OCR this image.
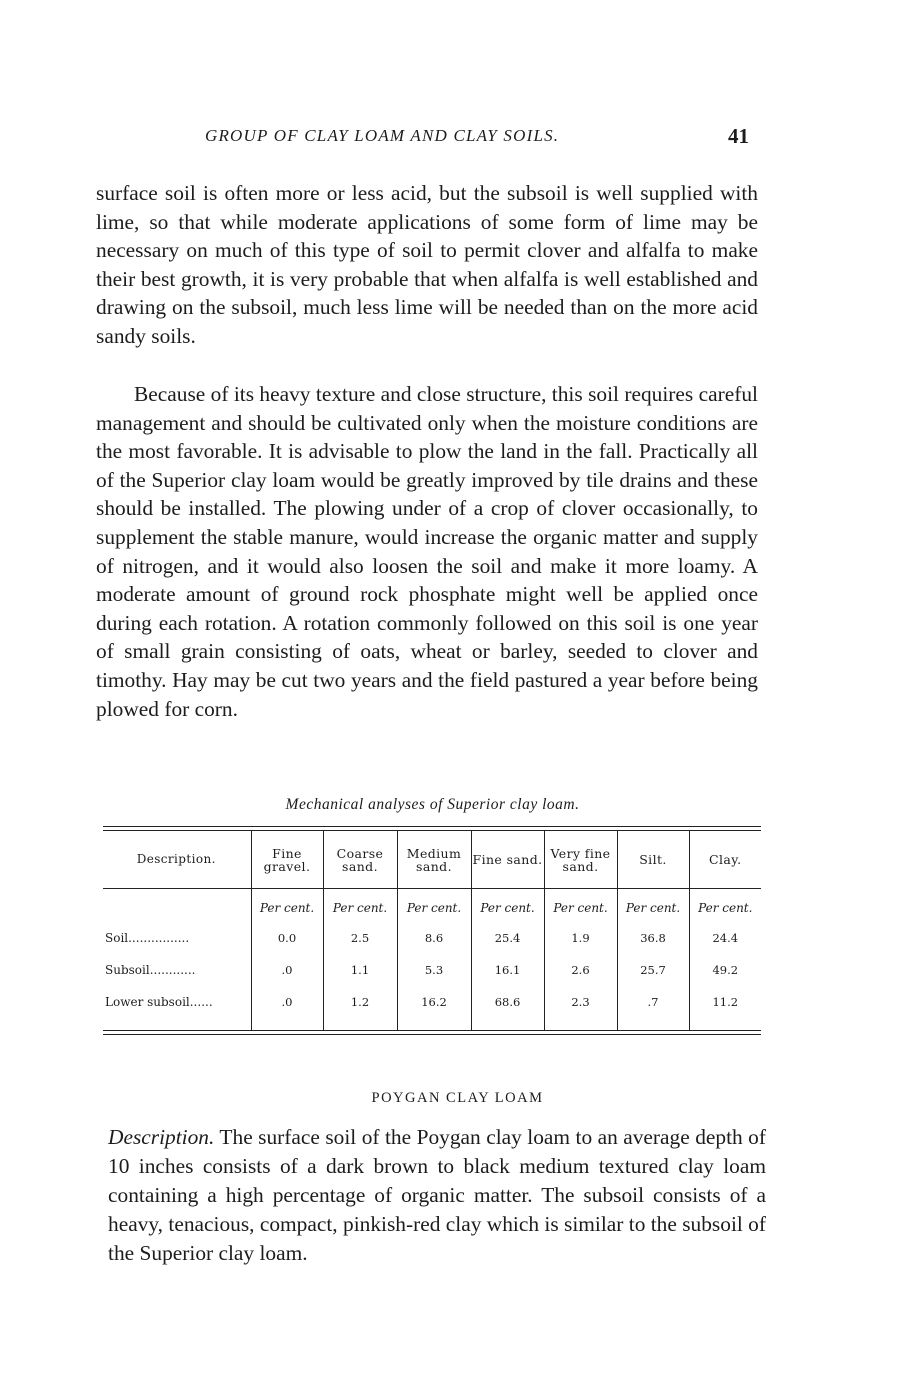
GROUP OF CLAY LOAM AND CLAY SOILS.	41

surface soil is often more or less acid, but the subsoil is well supplied with lime, so that while moderate applications of some form of lime may be necessary on much of this type of soil to permit clover and alfalfa to make their best growth, it is very probable that when alfalfa is well established and drawing on the subsoil, much less lime will be needed than on the more acid sandy soils.

Because of its heavy texture and close structure, this soil requires careful management and should be cultivated only when the moisture conditions are the most favorable. It is advisable to plow the land in the fall. Practically all of the Superior clay loam would be greatly improved by tile drains and these should be installed. The plowing under of a crop of clover occasionally, to supplement the stable manure, would increase the organic matter and supply of nitrogen, and it would also loosen the soil and make it more loamy. A moderate amount of ground rock phosphate might well be applied once during each rotation. A rotation commonly followed on this soil is one year of small grain consisting of oats, wheat or barley, seeded to clover and timothy. Hay may be cut two years and the field pastured a year before being plowed for corn.

Mechanical analyses of Superior clay loam.
Description.	Fine gravel.	Coarse sand.	Medium sand.	Fine sand.	Very fine sand.	Silt.	Clay.
	Per cent.	Per cent.	Per cent.	Per cent.	Per cent.	Per cent.	Per cent.
Soil................	0.0	2.5	8.6	25.4	1.9	36.8	24.4
Subsoil............	.0	1.1	5.3	16.1	2.6	25.7	49.2
Lower subsoil......	.0	1.2	16.2	68.6	2.3	.7	11.2

POYGAN CLAY LOAM

Description. The surface soil of the Poygan clay loam to an average depth of 10 inches consists of a dark brown to black medium textured clay loam containing a high percentage of organic matter. The subsoil consists of a heavy, tenacious, compact, pinkish-red clay which is similar to the subsoil of the Superior clay loam.
